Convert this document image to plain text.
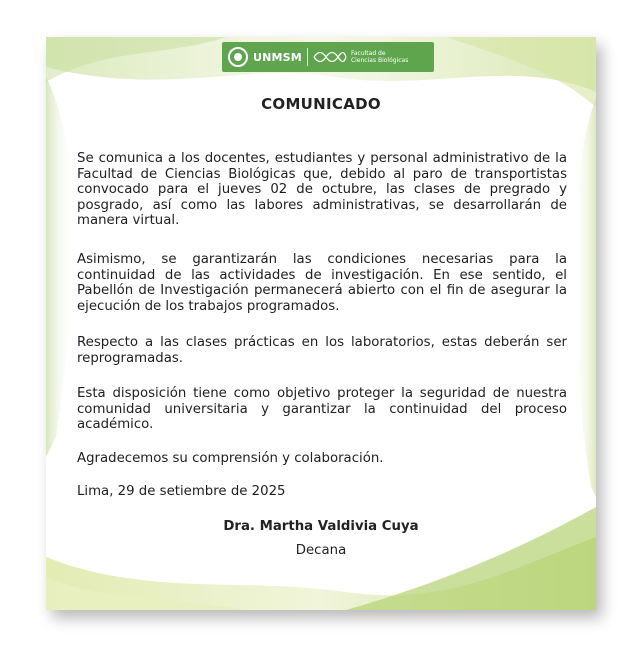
UNMSM	Facultad de
Ciencias Biológicas
COMUNICADO

Se comunica a los docentes, estudiantes y personal administrativo de la Facultad de Ciencias Biológicas que, debido al paro de transportistas convocado para el jueves 02 de octubre, las clases de pregrado y posgrado, así como las labores administrativas, se desarrollarán de manera virtual.

Asimismo, se garantizarán las condiciones necesarias para la continuidad de las actividades de investigación. En ese sentido, el Pabellón de Investigación permanecerá abierto con el fin de asegurar la ejecución de los trabajos programados.

Respecto a las clases prácticas en los laboratorios, estas deberán ser reprogramadas.

Esta disposición tiene como objetivo proteger la seguridad de nuestra comunidad universitaria y garantizar la continuidad del proceso académico.

Agradecemos su comprensión y colaboración.

Lima, 29 de setiembre de 2025

Dra. Martha Valdivia Cuya
Decana
